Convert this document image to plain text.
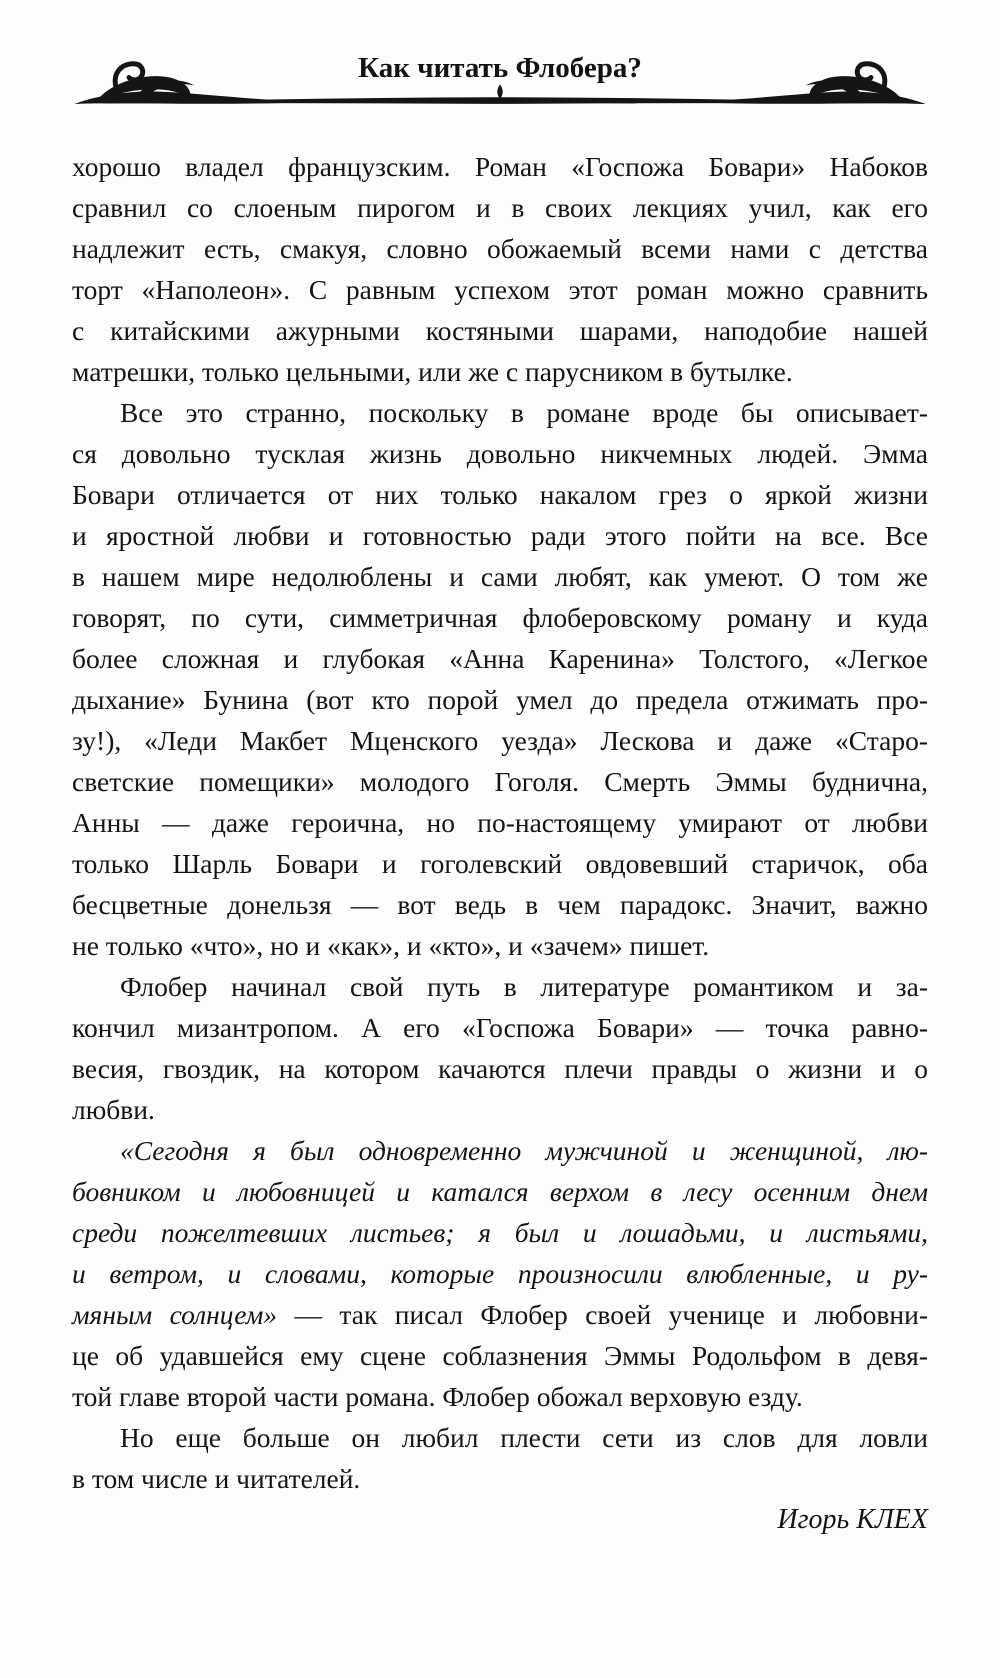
Как читать Флобера?
хорошо владел французским. Роман «Госпожа Бовари» Набоков
сравнил со слоеным пирогом и в своих лекциях учил, как его
надлежит есть, смакуя, словно обожаемый всеми нами с детства
торт «Наполеон». С равным успехом этот роман можно сравнить
с китайскими ажурными костяными шарами, наподобие нашей
матрешки, только цельными, или же с парусником в бутылке.
Все это странно, поскольку в романе вроде бы описывает-
ся довольно тусклая жизнь довольно никчемных людей. Эмма
Бовари отличается от них только накалом грез о яркой жизни
и яростной любви и готовностью ради этого пойти на все. Все
в нашем мире недолюблены и сами любят, как умеют. О том же
говорят, по сути, симметричная флоберовскому роману и куда
более сложная и глубокая «Анна Каренина» Толстого, «Легкое
дыхание» Бунина (вот кто порой умел до предела отжимать про-
зу!), «Леди Макбет Мценского уезда» Лескова и даже «Старо-
светские помещики» молодого Гоголя. Смерть Эммы буднична,
Анны — даже героична, но по-настоящему умирают от любви
только Шарль Бовари и гоголевский овдовевший старичок, оба
бесцветные донельзя — вот ведь в чем парадокс. Значит, важно
не только «что», но и «как», и «кто», и «зачем» пишет.
Флобер начинал свой путь в литературе романтиком и за-
кончил мизантропом. А его «Госпожа Бовари» — точка равно-
весия, гвоздик, на котором качаются плечи правды о жизни и о
любви.
«Сегодня я был одновременно мужчиной и женщиной, лю-
бовником и любовницей и катался верхом в лесу осенним днем
среди пожелтевших листьев; я был и лошадьми, и листьями,
и ветром, и словами, которые произносили влюбленные, и ру-
мяным солнцем» — так писал Флобер своей ученице и любовни-
це об удавшейся ему сцене соблазнения Эммы Родольфом в девя-
той главе второй части романа. Флобер обожал верховую езду.
Но еще больше он любил плести сети из слов для ловли
в том числе и читателей.
Игорь КЛЕХ
